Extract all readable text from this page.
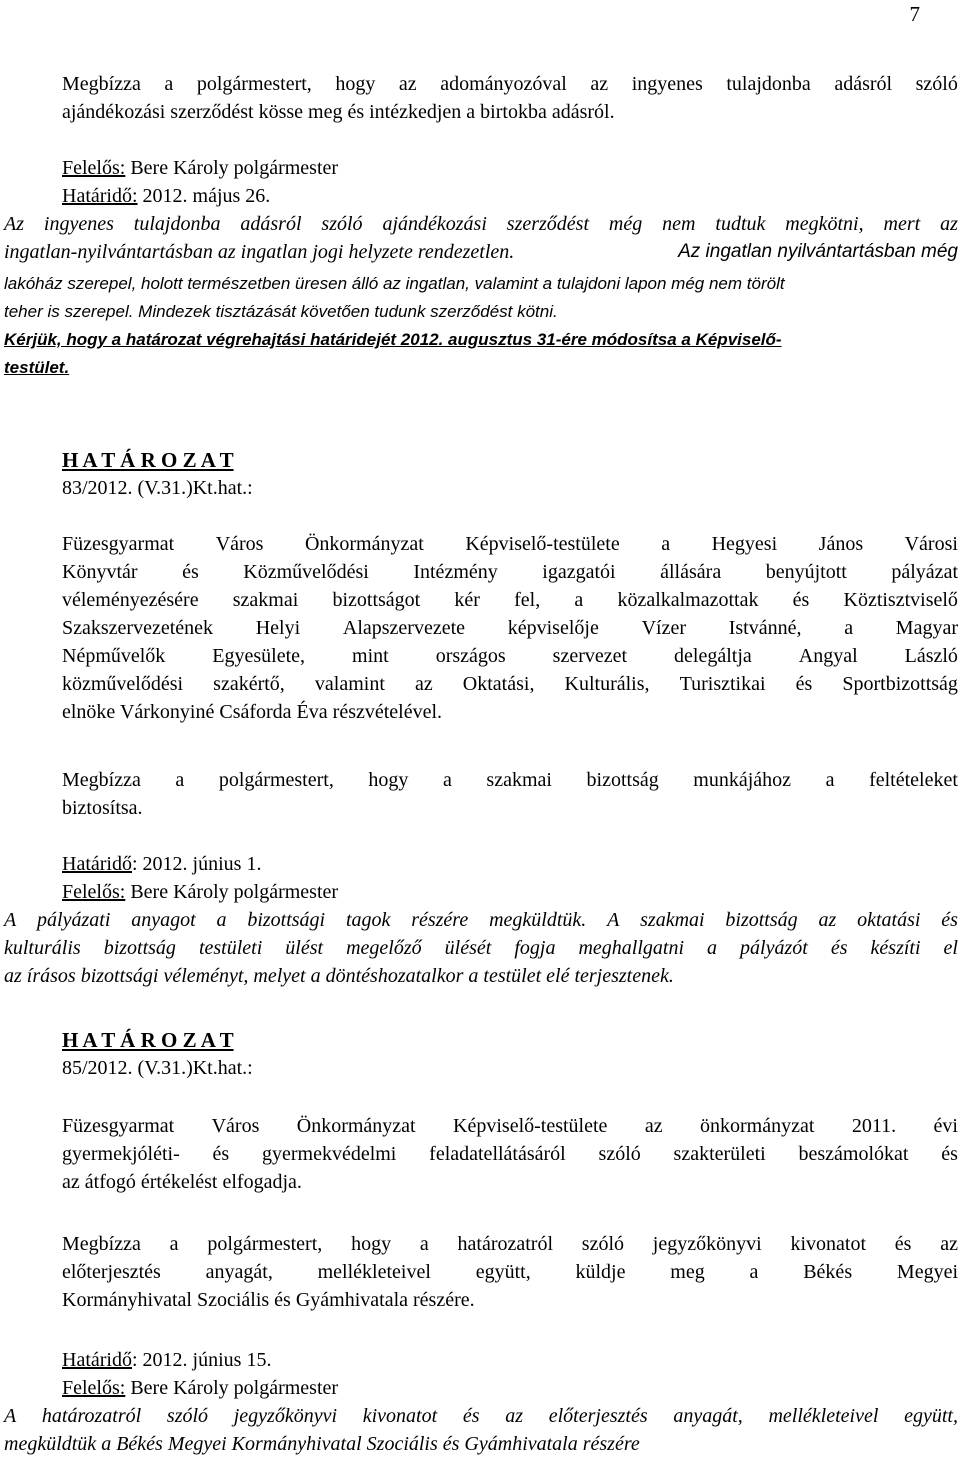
7
Megbízza a polgármestert, hogy az adományozóval az ingyenes tulajdonba adásról szóló
ajándékozási szerződést kösse meg és intézkedjen a birtokba adásról.
Felelős: Bere Károly polgármester
Határidő: 2012. május 26.
Az ingyenes tulajdonba adásról szóló ajándékozási szerződést még nem tudtuk megkötni, mert az
ingatlan-nyilvántartásban az ingatlan jogi helyzete rendezetlen.	Az ingatlan nyilvántartásban még
lakóház szerepel, holott természetben üresen álló az ingatlan, valamint a tulajdoni lapon még nem törölt
teher is szerepel. Mindezek tisztázását követően tudunk szerződést kötni.
Kérjük, hogy a határozat végrehajtási határidejét 2012. augusztus 31-ére módosítsa a Képviselő-
testület.
H A T Á R O Z A T
83/2012. (V.31.)Kt.hat.:
Füzesgyarmat Város Önkormányzat Képviselő-testülete a Hegyesi János Városi
Könyvtár és Közművelődési Intézmény igazgatói állására benyújtott pályázat
véleményezésére szakmai bizottságot kér fel, a közalkalmazottak és Köztisztviselő
Szakszervezetének Helyi Alapszervezete képviselője Vízer Istvánné, a Magyar
Népművelők Egyesülete, mint országos szervezet delegáltja Angyal László
közművelődési szakértő, valamint az Oktatási, Kulturális, Turisztikai és Sportbizottság
elnöke Várkonyiné Csáforda Éva részvételével.
Megbízza a polgármestert, hogy a szakmai bizottság munkájához a feltételeket
biztosítsa.
Határidő: 2012. június 1.
Felelős: Bere Károly polgármester
A pályázati anyagot a bizottsági tagok részére megküldtük. A szakmai bizottság az oktatási és
kulturális bizottság testületi ülést megelőző ülését fogja meghallgatni a pályázót és készíti el
az írásos bizottsági véleményt, melyet a döntéshozatalkor a testület elé terjesztenek.
H A T Á R O Z A T
85/2012. (V.31.)Kt.hat.:
Füzesgyarmat Város Önkormányzat Képviselő-testülete az önkormányzat 2011. évi
gyermekjóléti- és gyermekvédelmi feladatellátásáról szóló szakterületi beszámolókat és
az átfogó értékelést elfogadja.
Megbízza a polgármestert, hogy a határozatról szóló jegyzőkönyvi kivonatot és az
előterjesztés anyagát, mellékleteivel együtt, küldje meg a Békés Megyei
Kormányhivatal Szociális és Gyámhivatala részére.
Határidő: 2012. június 15.
Felelős: Bere Károly polgármester
A határozatról szóló jegyzőkönyvi kivonatot és az előterjesztés anyagát, mellékleteivel együtt,
megküldtük a Békés Megyei Kormányhivatal Szociális és Gyámhivatala részére
